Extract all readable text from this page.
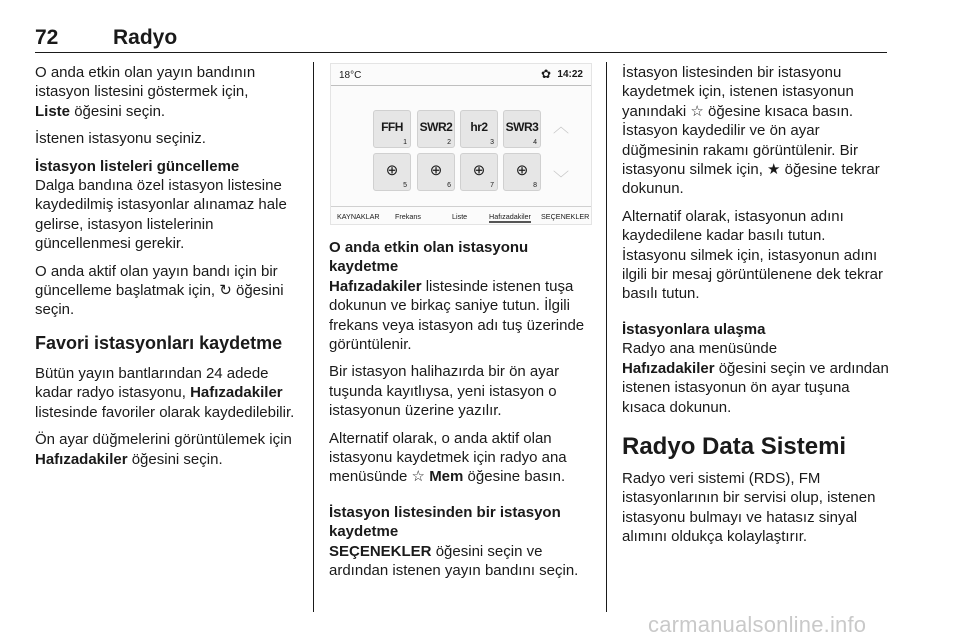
72	Radyo

O anda etkin olan yayın bandının istasyon listesini göstermek için,
Liste öğesini seçin.

İstenen istasyonu seçiniz.

İstasyon listeleri güncelleme

Dalga bandına özel istasyon listesine kaydedilmiş istasyonlar alınamaz hale gelirse, istasyon listelerinin güncellenmesi gerekir.

O anda aktif olan yayın bandı için bir güncelleme başlatmak için, ↻ öğesini seçin.

Favori istasyonları kaydetme

Bütün yayın bantlarından 24 adede kadar radyo istasyonu, Hafızadakiler listesinde favoriler olarak kaydedilebilir.

Ön ayar düğmelerini görüntülemek için Hafızadakiler öğesini seçin.

18°C	✿ 14:22
FFH
1
SWR2
2
hr2
3
SWR3
4
⊕
5
⊕
6
⊕
7
⊕
8
︿
﹀
KAYNAKLAR Frekans	Liste	Hafızadakiler SEÇENEKLER
O anda etkin olan istasyonu kaydetme

Hafızadakiler listesinde istenen tuşa dokunun ve birkaç saniye tutun. İlgili frekans veya istasyon adı tuş üzerinde görüntülenir.

Bir istasyon halihazırda bir ön ayar tuşunda kayıtlıysa, yeni istasyon o istasyonun üzerine yazılır.

Alternatif olarak, o anda aktif olan istasyonu kaydetmek için radyo ana menüsünde ☆ Mem öğesine basın.

İstasyon listesinden bir istasyon kaydetme

SEÇENEKLER öğesini seçin ve ardından istenen yayın bandını seçin.

İstasyon listesinden bir istasyonu kaydetmek için, istenen istasyonun yanındaki ☆ öğesine kısaca basın. İstasyon kaydedilir ve ön ayar düğmesinin rakamı görüntülenir. Bir istasyonu silmek için, ★ öğesine tekrar dokunun.

Alternatif olarak, istasyonun adını kaydedilene kadar basılı tutun. İstasyonu silmek için, istasyonun adını ilgili bir mesaj görüntülenene dek tekrar basılı tutun.

İstasyonlara ulaşma

Radyo ana menüsünde
Hafızadakiler öğesini seçin ve ardından istenen istasyonun ön ayar tuşuna kısaca dokunun.

Radyo Data Sistemi

Radyo veri sistemi (RDS), FM istasyonlarının bir servisi olup, istenen istasyonu bulmayı ve hatasız sinyal alımını oldukça kolaylaştırır.

carmanualsonline.info
